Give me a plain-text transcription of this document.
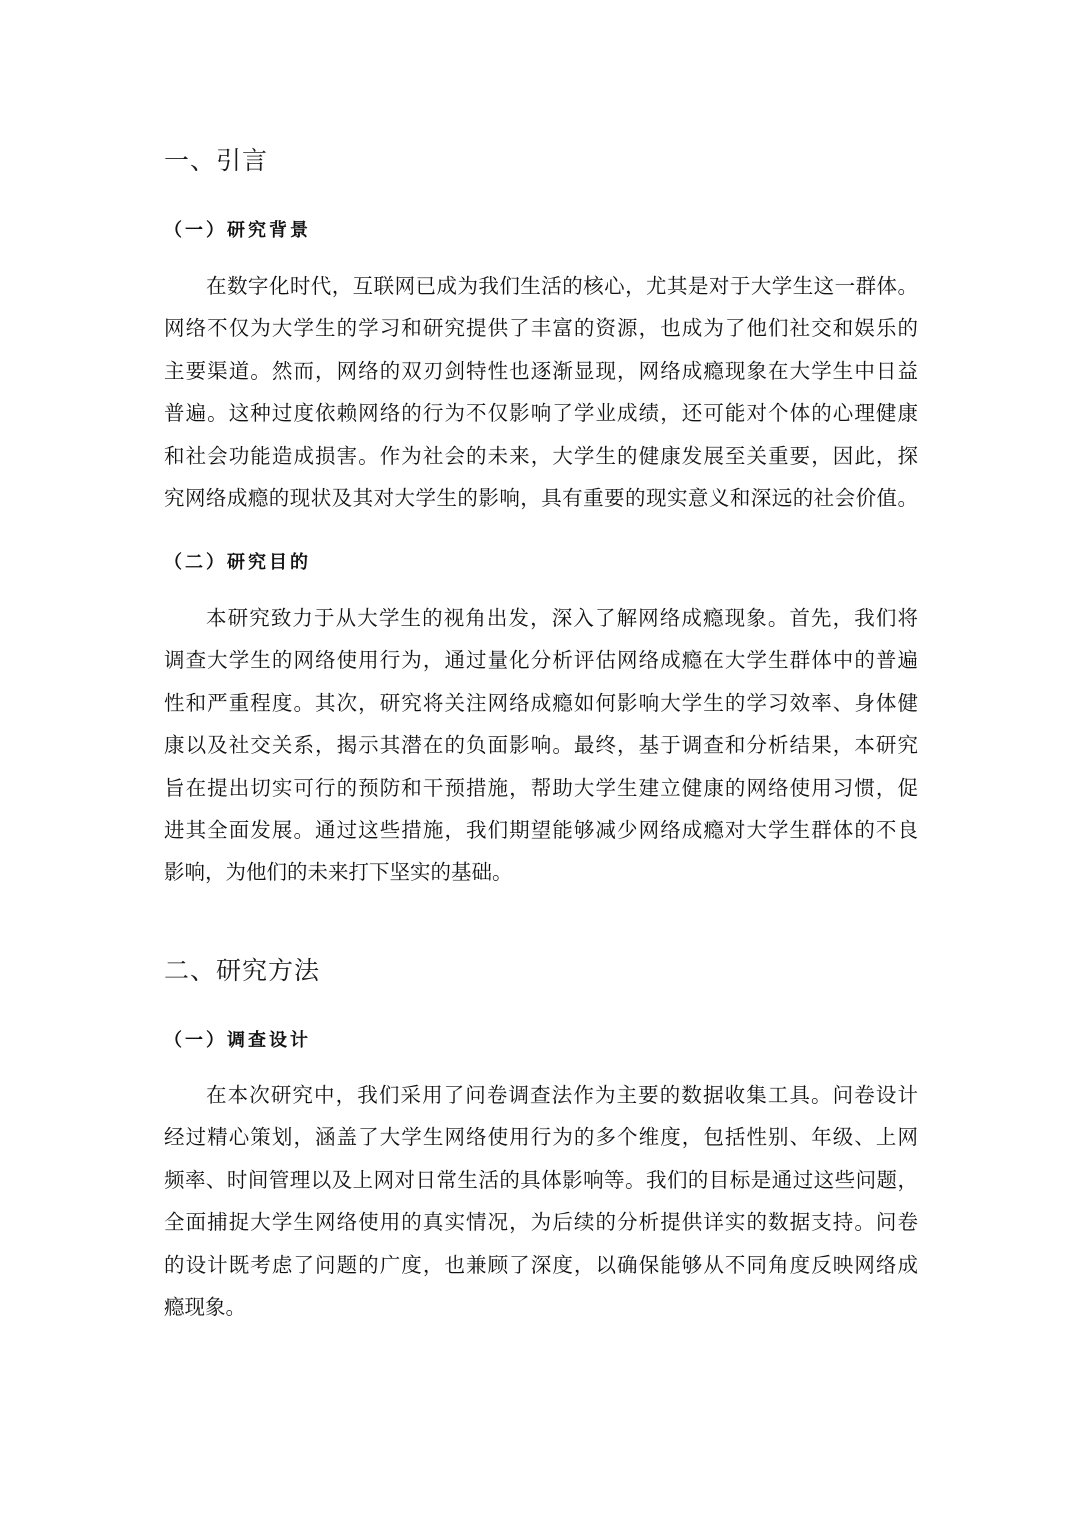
一、引言
（一）研究背景
在数字化时代，互联网已成为我们生活的核心，尤其是对于大学生这一群体。
网络不仅为大学生的学习和研究提供了丰富的资源，也成为了他们社交和娱乐的
主要渠道。然而，网络的双刃剑特性也逐渐显现，网络成瘾现象在大学生中日益
普遍。这种过度依赖网络的行为不仅影响了学业成绩，还可能对个体的心理健康
和社会功能造成损害。作为社会的未来，大学生的健康发展至关重要，因此，探
究网络成瘾的现状及其对大学生的影响，具有重要的现实意义和深远的社会价值。
（二）研究目的
本研究致力于从大学生的视角出发，深入了解网络成瘾现象。首先，我们将
调查大学生的网络使用行为，通过量化分析评估网络成瘾在大学生群体中的普遍
性和严重程度。其次，研究将关注网络成瘾如何影响大学生的学习效率、身体健
康以及社交关系，揭示其潜在的负面影响。最终，基于调查和分析结果，本研究
旨在提出切实可行的预防和干预措施，帮助大学生建立健康的网络使用习惯，促
进其全面发展。通过这些措施，我们期望能够减少网络成瘾对大学生群体的不良
影响，为他们的未来打下坚实的基础。
二、研究方法
（一）调查设计
在本次研究中，我们采用了问卷调查法作为主要的数据收集工具。问卷设计
经过精心策划，涵盖了大学生网络使用行为的多个维度，包括性别、年级、上网
频率、时间管理以及上网对日常生活的具体影响等。我们的目标是通过这些问题，
全面捕捉大学生网络使用的真实情况，为后续的分析提供详实的数据支持。问卷
的设计既考虑了问题的广度，也兼顾了深度，以确保能够从不同角度反映网络成
瘾现象。
